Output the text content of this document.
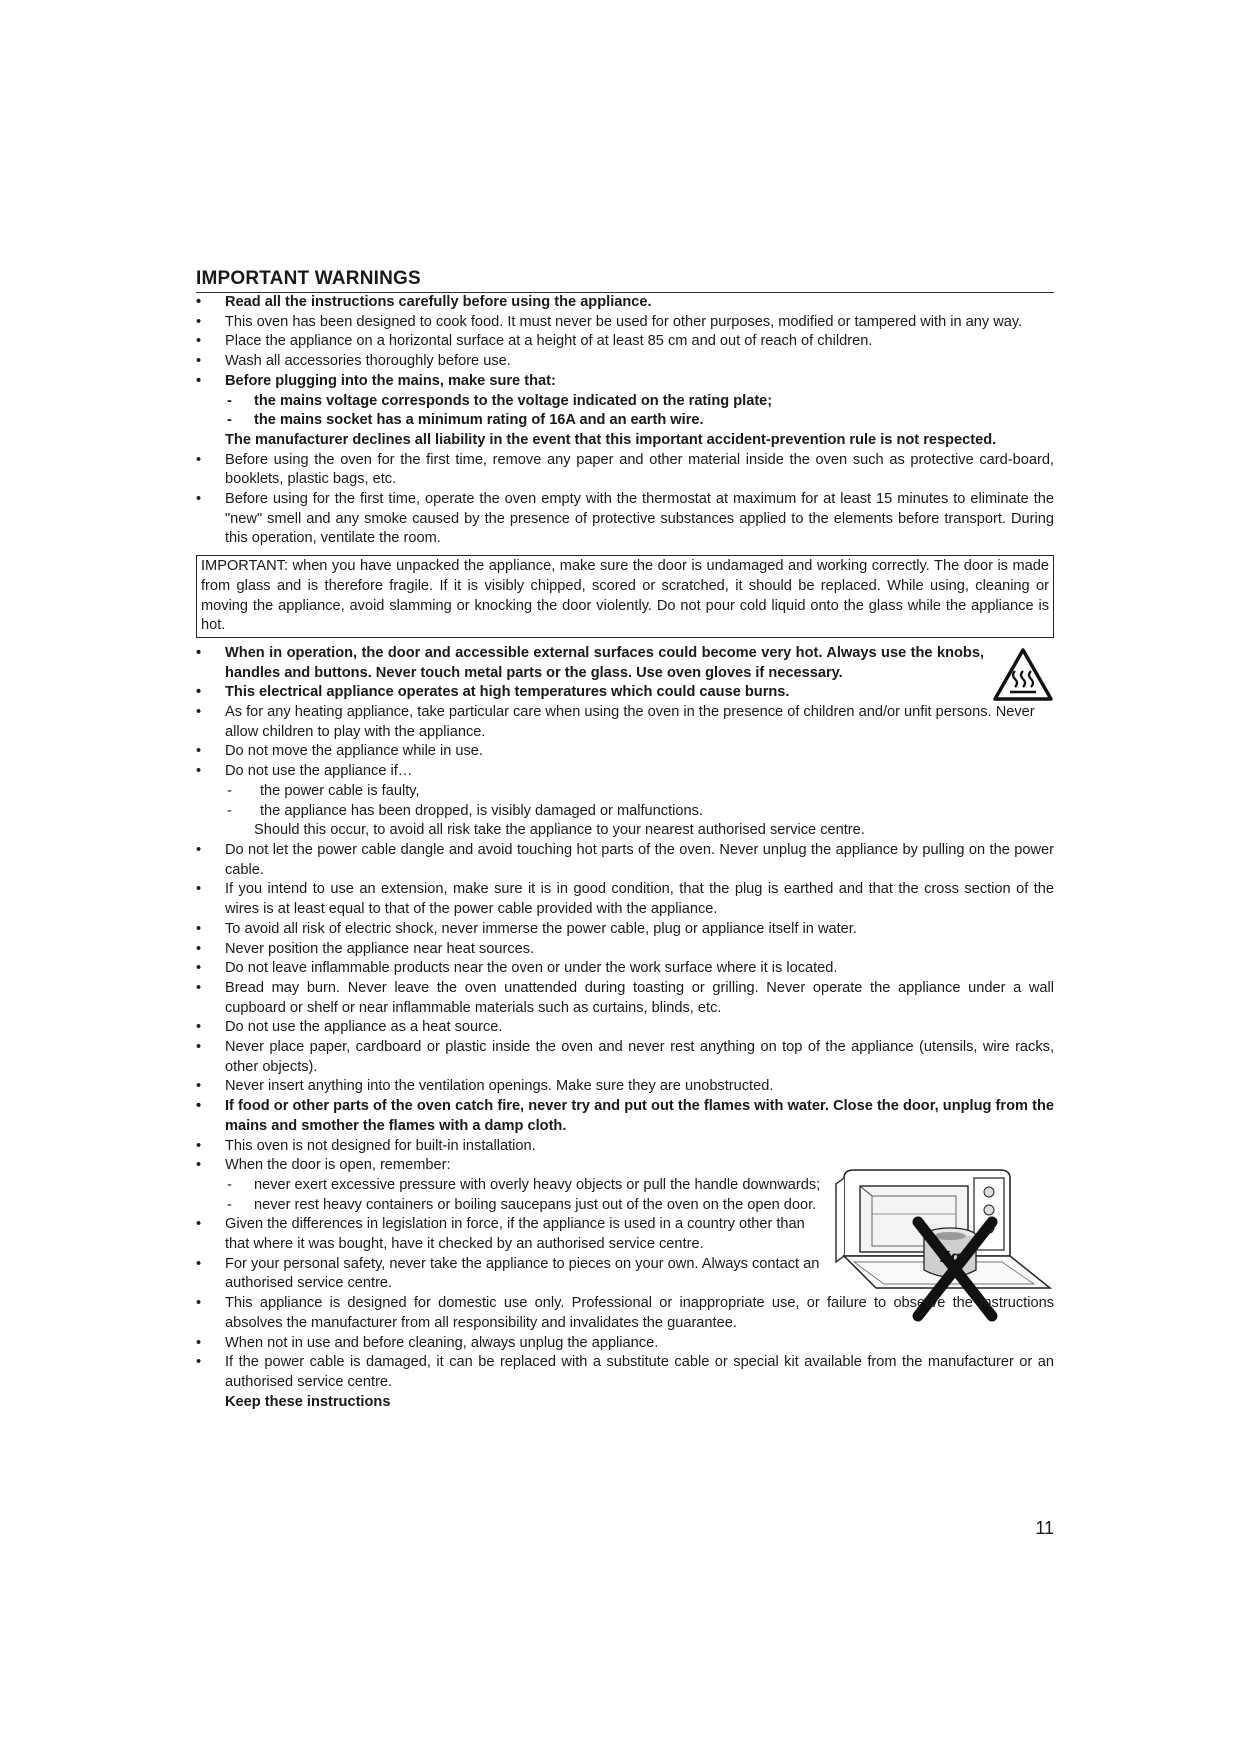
IMPORTANT WARNINGS
• Read all the instructions carefully before using the appliance.
• This oven has been designed to cook food. It must never be used for other purposes, modified or tampered with in any way.
• Place the appliance on a horizontal surface at a height of at least 85 cm and out of reach of children.
• Wash all accessories thoroughly before use.
• Before plugging into the mains, make sure that:
- the mains voltage corresponds to the voltage indicated on the rating plate;
- the mains socket has a minimum rating of 16A and an earth wire.
The manufacturer declines all liability in the event that this important accident-prevention rule is not respected.
• Before using the oven for the first time, remove any paper and other material inside the oven such as protective card-board, booklets, plastic bags, etc.
• Before using for the first time, operate the oven empty with the thermostat at maximum for at least 15 minutes to eliminate the "new" smell and any smoke caused by the presence of protective substances applied to the elements before transport. During this operation, ventilate the room.
IMPORTANT: when you have unpacked the appliance, make sure the door is undamaged and working correctly. The door is made from glass and is therefore fragile. If it is visibly chipped, scored or scratched, it should be replaced. While using, cleaning or moving the appliance, avoid slamming or knocking the door violently. Do not pour cold liquid onto the glass while the appliance is hot.
• When in operation, the door and accessible external surfaces could become very hot. Always use the knobs, handles and buttons. Never touch metal parts or the glass. Use oven gloves if necessary.
• This electrical appliance operates at high temperatures which could cause burns.
• As for any heating appliance, take particular care when using the oven in the presence of children and/or unfit persons. Never allow children to play with the appliance.
• Do not move the appliance while in use.
• Do not use the appliance if…
- the power cable is faulty,
- the appliance has been dropped, is visibly damaged or malfunctions.
Should this occur, to avoid all risk take the appliance to your nearest authorised service centre.
• Do not let the power cable dangle and avoid touching hot parts of the oven. Never unplug the appliance by pulling on the power cable.
• If you intend to use an extension, make sure it is in good condition, that the plug is earthed and that the cross section of the wires is at least equal to that of the power cable provided with the appliance.
• To avoid all risk of electric shock, never immerse the power cable, plug or appliance itself in water.
• Never position the appliance near heat sources.
• Do not leave inflammable products near the oven or under the work surface where it is located.
• Bread may burn. Never leave the oven unattended during toasting or grilling. Never operate the appliance under a wall cupboard or shelf or near inflammable materials such as curtains, blinds, etc.
• Do not use the appliance as a heat source.
• Never place paper, cardboard or plastic inside the oven and never rest anything on top of the appliance (utensils, wire racks, other objects).
• Never insert anything into the ventilation openings. Make sure they are unobstructed.
• If food or other parts of the oven catch fire, never try and put out the flames with water. Close the door, unplug from the mains and smother the flames with a damp cloth.
• This oven is not designed for built-in installation.
• When the door is open, remember:
- never exert excessive pressure with overly heavy objects or pull the handle downwards;
- never rest heavy containers or boiling saucepans just out of the oven on the open door.
• Given the differences in legislation in force, if the appliance is used in a country other than that where it was bought, have it checked by an authorised service centre.
• For your personal safety, never take the appliance to pieces on your own. Always contact an authorised service centre.
• This appliance is designed for domestic use only. Professional or inappropriate use, or failure to observe the instructions absolves the manufacturer from all responsibility and invalidates the guarantee.
• When not in use and before cleaning, always unplug the appliance.
• If the power cable is damaged, it can be replaced with a substitute cable or special kit available from the manufacturer or an authorised service centre.
Keep these instructions
11
